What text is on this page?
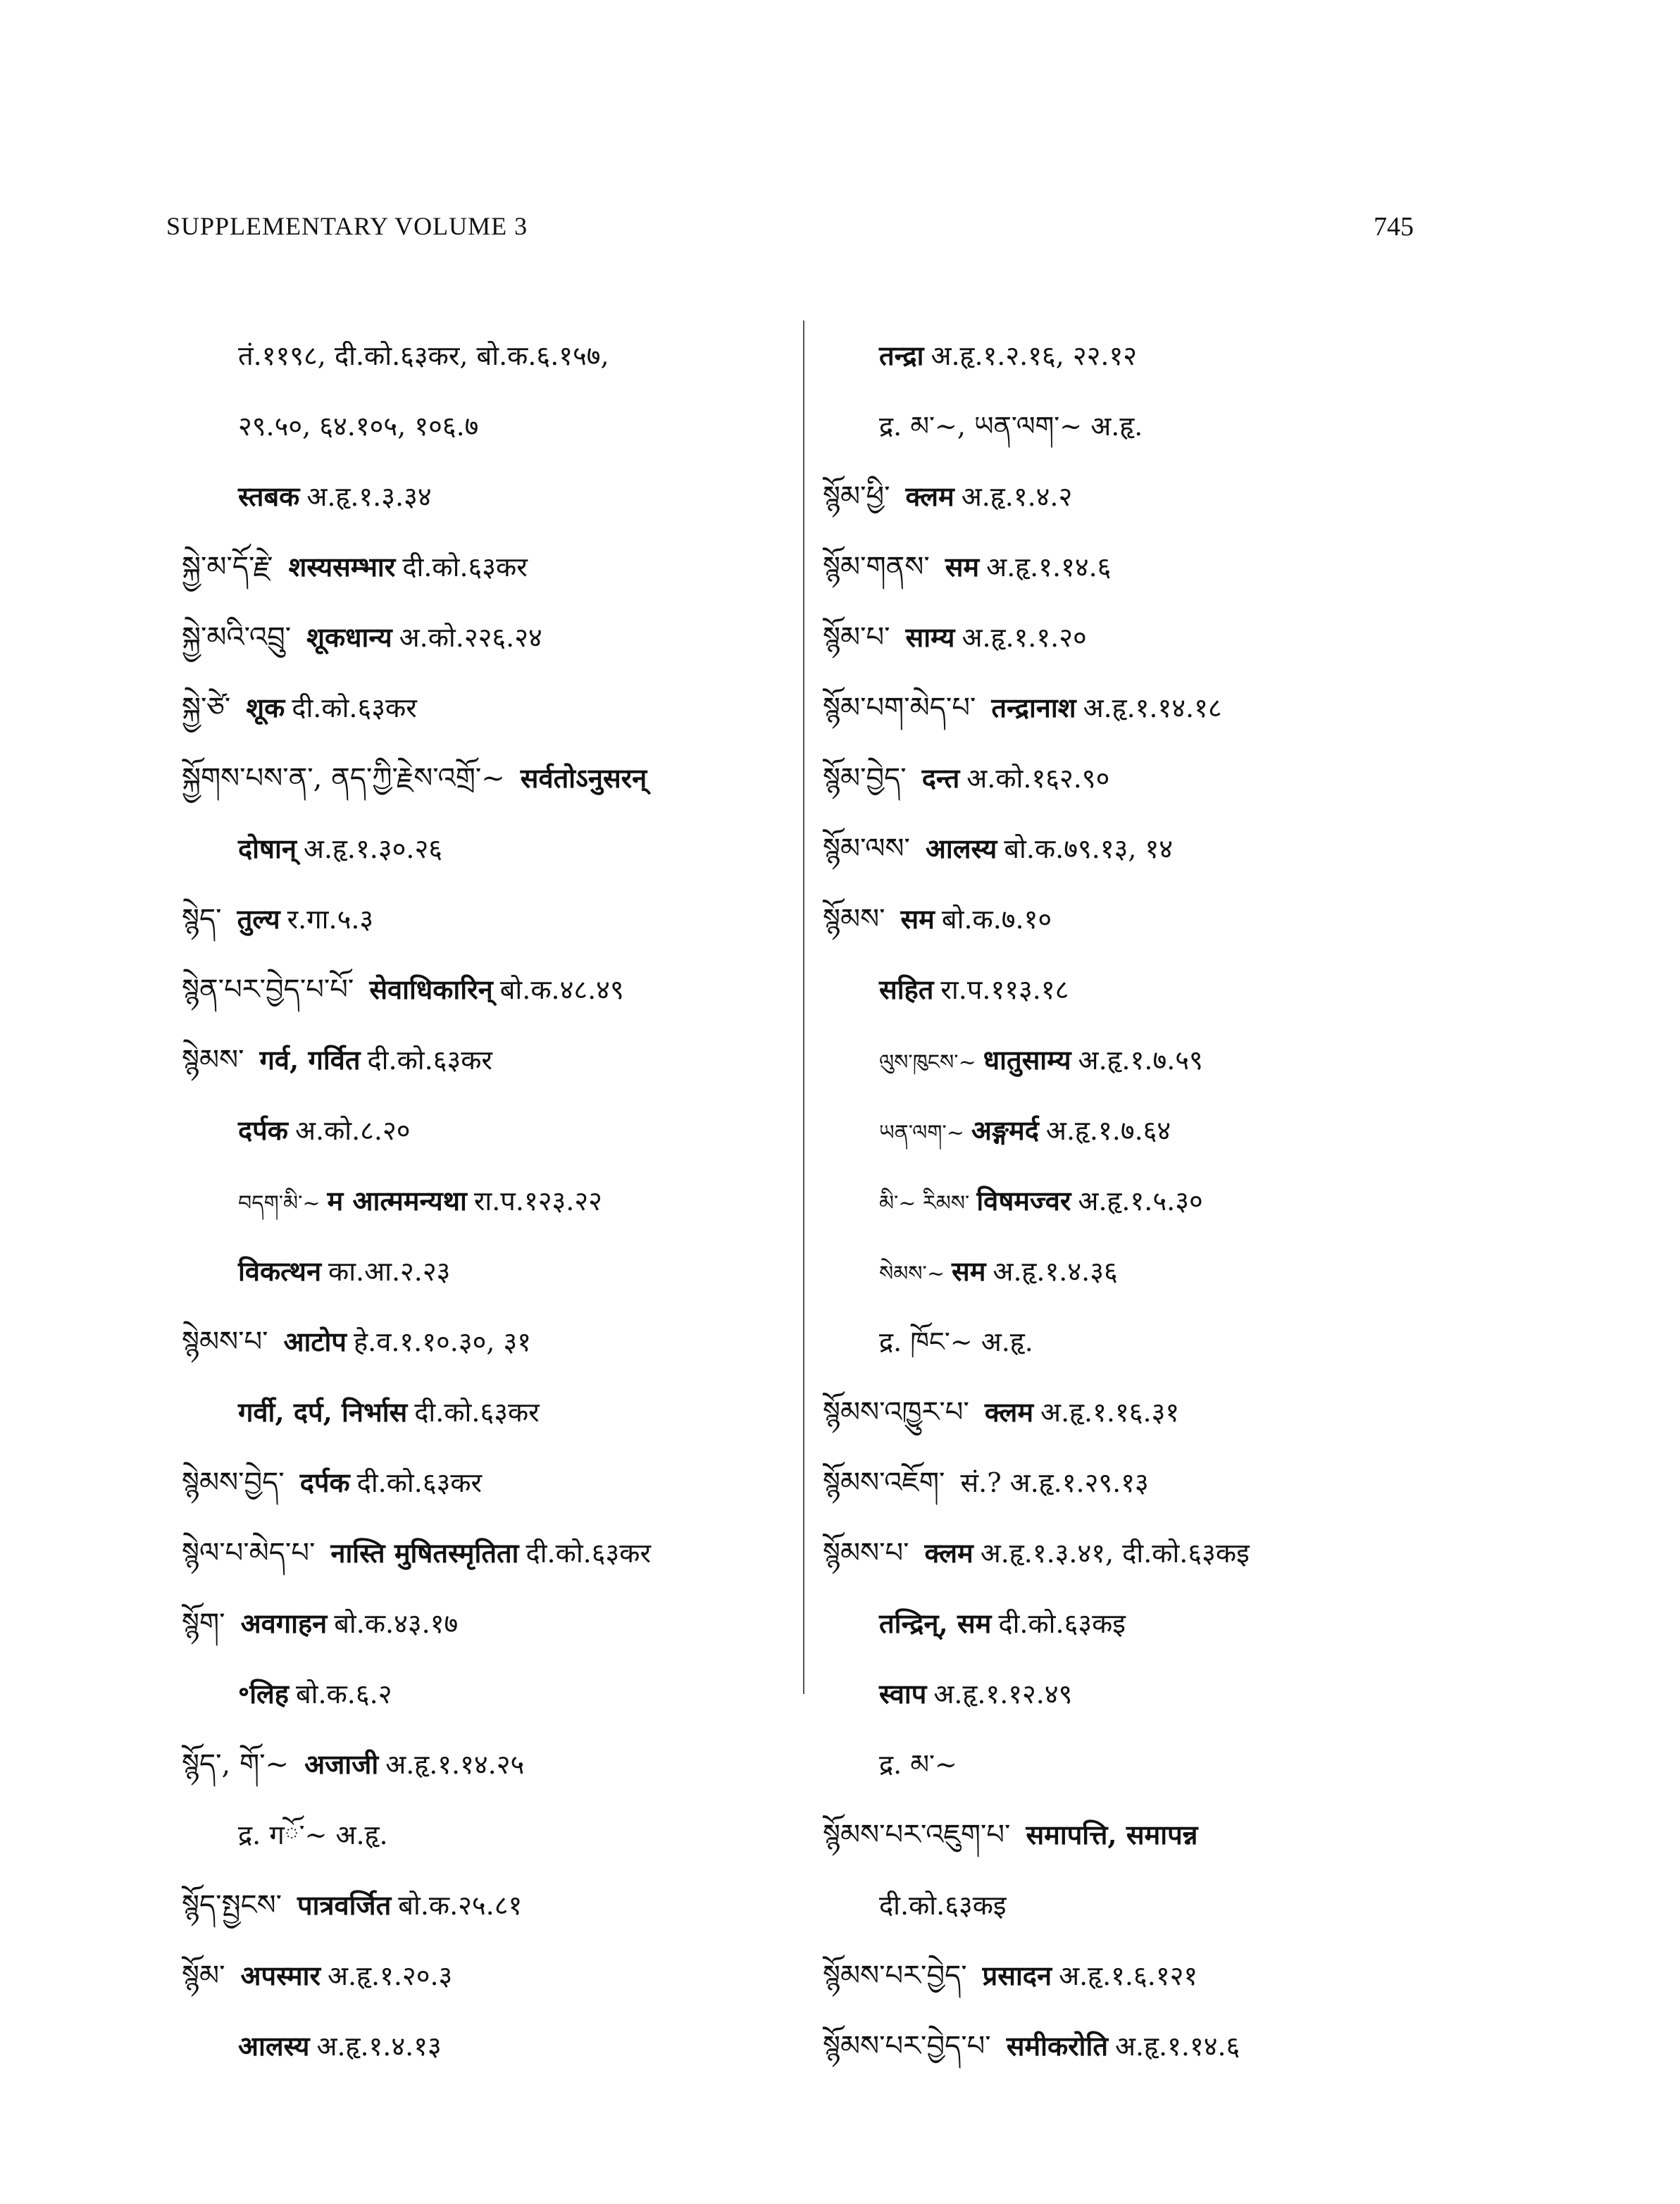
SUPPLEMENTARY VOLUME 3	745
तं.११९८, दी.को.६३कर, बो.क.६.१५७,
२९.५०, ६४.१०५, १०६.७
स्तबक अ.हृ.१.३.३४
སྐྱེ་མ་དོ་རྗེ་ शस्यसम्भार दी.को.६३कर
སྐྱེ་མའི་འབྲུ་ शूकधान्य अ.को.२२६.२४
སྐྱེ་ཙེ་ शूक दी.को.६३कर
སྐྱོགས་པས་ན་, ནད་ཀྱི་རྗེས་འགྲོ་~ सर्वतोऽनुसरन्
दोषान् अ.हृ.१.३०.२६
སྙེད་ तुल्य र.गा.५.३
སྙེན་པར་བྱེད་པ་པོ་ सेवाधिकारिन् बो.क.४८.४९
སྙེམས་ गर्व, गर्वित दी.को.६३कर
दर्पक अ.को.८.२०
བདག་མི་~ म आत्ममन्यथा रा.प.१२३.२२
विकत्थन का.आ.२.२३
སྙེམས་པ་ आटोप हे.व.१.१०.३०, ३१
गर्वी, दर्प, निर्भास दी.को.६३कर
སྙེམས་བྱེད་ दर्पक दी.को.६३कर
སྙེལ་པ་མེད་པ་ नास्ति मुषितस्मृतिता दी.को.६३कर
སྙོག་ अवगाहन बो.क.४३.१७
॰लिह बो.क.६.२
སྙོད་, གོ་~ अजाजी अ.हृ.१.१४.२५
द्र. गོ་~ अ.हृ.
སྙོད་སྤྱངས་ पात्रवर्जित बो.क.२५.८१
སྙོམ་ अपस्मार अ.हृ.१.२०.३
आलस्य अ.हृ.१.४.१३
तन्द्रा अ.हृ.१.२.१६, २२.१२
द्र. མ་~, ཡན་ལག་~ अ.हृ.
སྙོམ་ཕྱི་ क्लम अ.हृ.१.४.२
སྙོམ་གནས་ सम अ.हृ.१.१४.६
སྙོམ་པ་ साम्य अ.हृ.१.१.२०
སྙོམ་པག་མེད་པ་ तन्द्रानाश अ.हृ.१.१४.१८
སྙོམ་བྱེད་ दन्त अ.को.१६२.९०
སྙོམ་ལས་ आलस्य बो.क.७९.१३, १४
སྙོམས་ सम बो.क.७.१०
सहित रा.प.११३.१८
ལུས་ཁུངས་~ धातुसाम्य अ.हृ.१.७.५९
ཡན་ལག་~ अङ्गमर्द अ.हृ.१.७.६४
མི་~ རིམས་ विषमज्वर अ.हृ.१.५.३०
སེམས་~ सम अ.हृ.१.४.३६
द्र. ཁོང་~ अ.हृ.
སྙོམས་འཁྱུར་པ་ क्लम अ.हृ.१.१६.३१
སྙོམས་འཇོག་ सं.? अ.हृ.१.२९.१३
སྙོམས་པ་ क्लम अ.हृ.१.३.४१, दी.को.६३कइ
तन्द्रिन्, सम दी.को.६३कइ
स्वाप अ.हृ.१.१२.४९
द्र. མ་~
སྙོམས་པར་འཇུག་པ་ समापत्ति, समापन्न
दी.को.६३कइ
སྙོམས་པར་བྱེད་ प्रसादन अ.हृ.१.६.१२१
སྙོམས་པར་བྱེད་པ་ समीकरोति अ.हृ.१.१४.६
